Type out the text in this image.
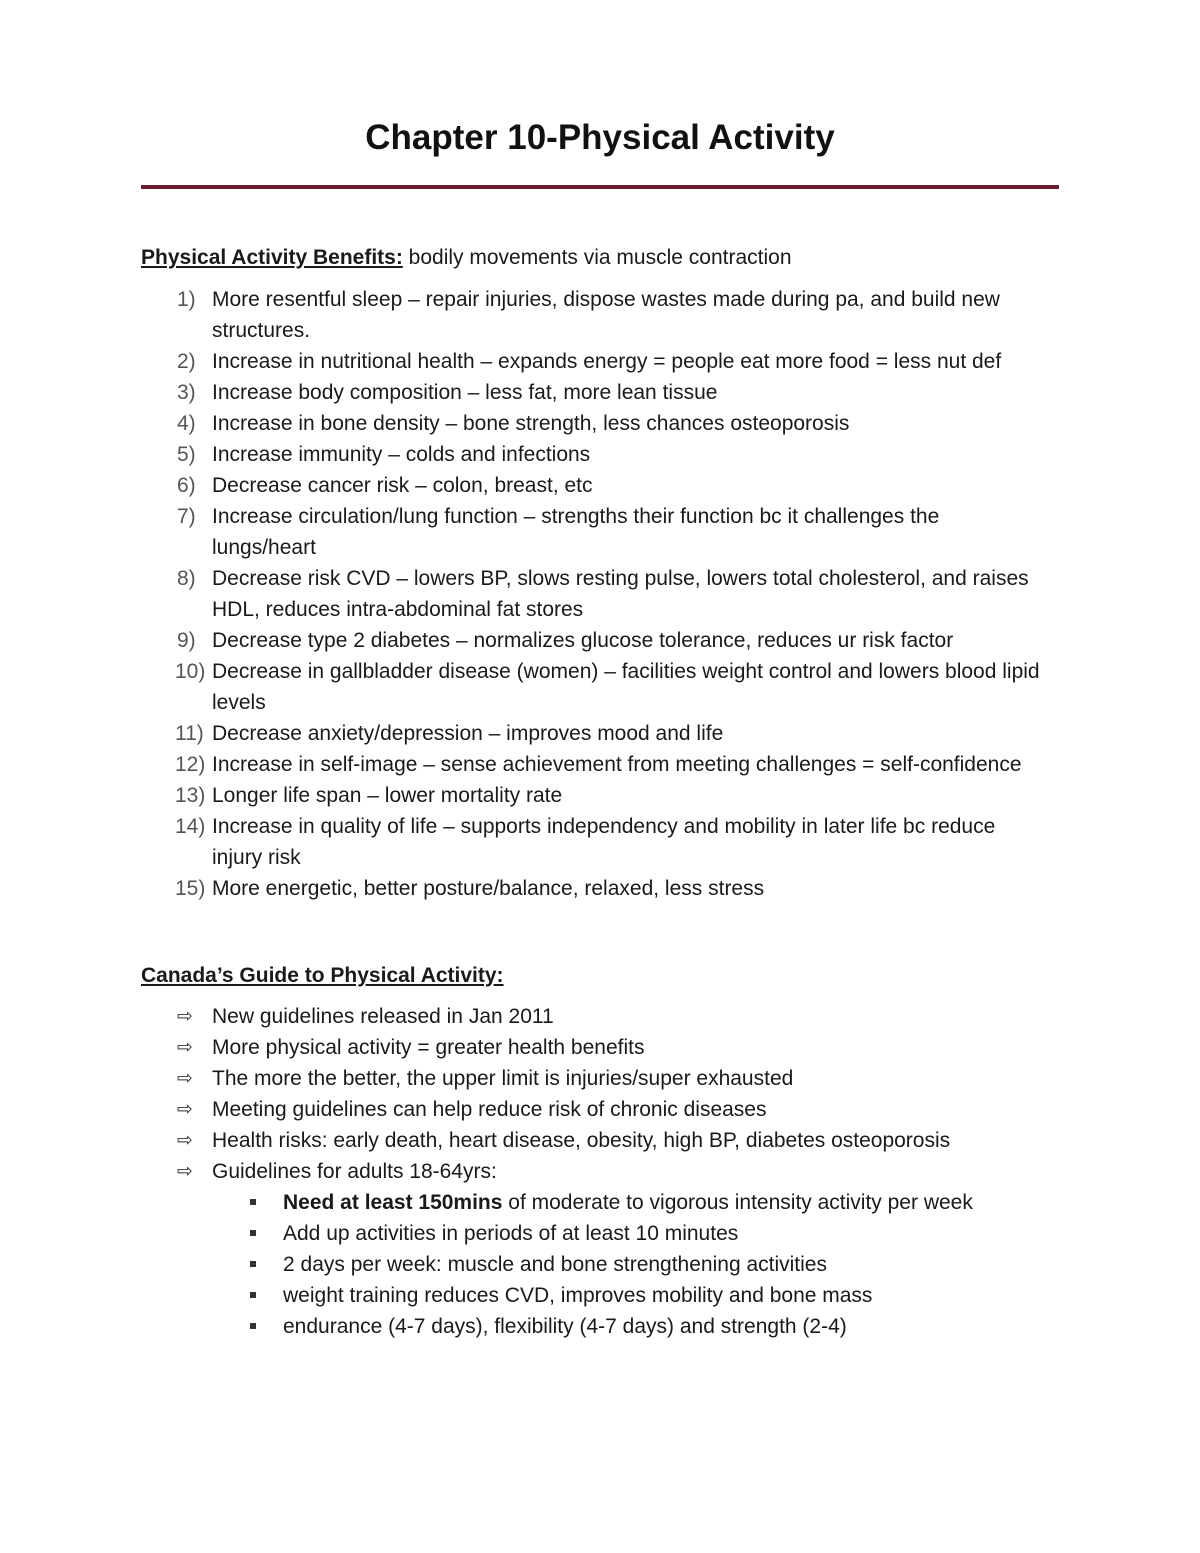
Chapter 10-Physical Activity
Physical Activity Benefits: bodily movements via muscle contraction
1) More resentful sleep – repair injuries, dispose wastes made during pa, and build new structures.
2) Increase in nutritional health – expands energy = people eat more food = less nut def
3) Increase body composition – less fat, more lean tissue
4) Increase in bone density – bone strength, less chances osteoporosis
5) Increase immunity – colds and infections
6) Decrease cancer risk – colon, breast, etc
7) Increase circulation/lung function – strengths their function bc it challenges the lungs/heart
8) Decrease risk CVD – lowers BP, slows resting pulse, lowers total cholesterol, and raises HDL, reduces intra-abdominal fat stores
9) Decrease type 2 diabetes – normalizes glucose tolerance, reduces ur risk factor
10) Decrease in gallbladder disease (women) – facilities weight control and lowers blood lipid levels
11) Decrease anxiety/depression – improves mood and life
12) Increase in self-image – sense achievement from meeting challenges = self-confidence
13) Longer life span – lower mortality rate
14) Increase in quality of life – supports independency and mobility in later life bc reduce injury risk
15) More energetic, better posture/balance, relaxed, less stress
Canada’s Guide to Physical Activity:
⇨ New guidelines released in Jan 2011
⇨ More physical activity = greater health benefits
⇨ The more the better, the upper limit is injuries/super exhausted
⇨ Meeting guidelines can help reduce risk of chronic diseases
⇨ Health risks: early death, heart disease, obesity, high BP, diabetes osteoporosis
⇨ Guidelines for adults 18-64yrs:
Need at least 150mins of moderate to vigorous intensity activity per week
Add up activities in periods of at least 10 minutes
2 days per week: muscle and bone strengthening activities
weight training reduces CVD, improves mobility and bone mass
endurance (4-7 days), flexibility (4-7 days) and strength (2-4)
